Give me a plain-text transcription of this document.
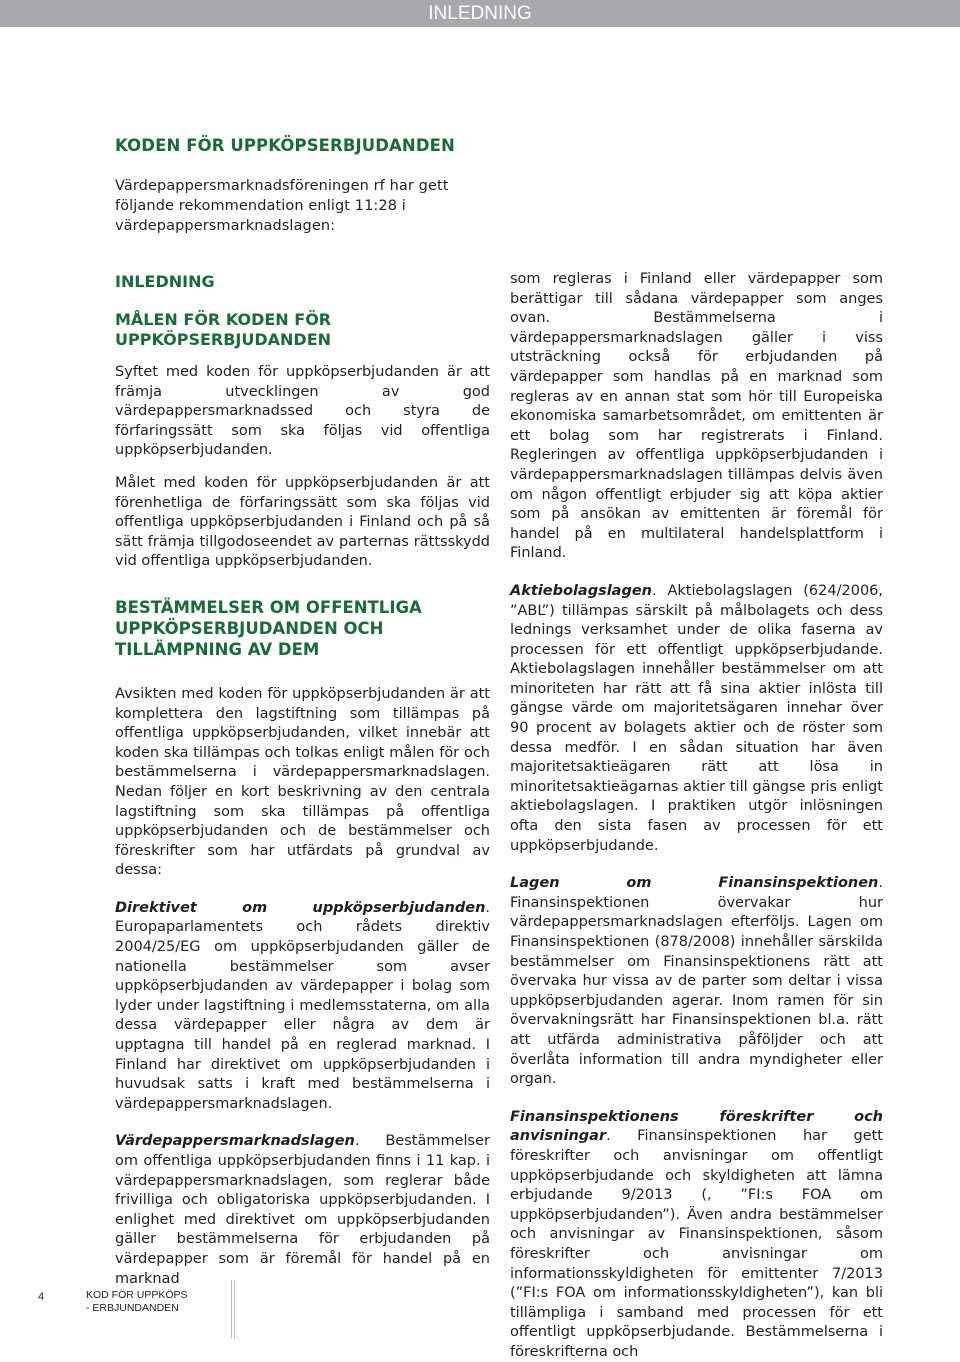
INLEDNING
KODEN FÖR UPPKÖPSERBJUDANDEN
Värdepappersmarknadsföreningen rf har gett följande rekommendation enligt 11:28 i värdepappersmarknadslagen:
INLEDNING
MÅLEN FÖR KODEN FÖR UPPKÖPSERBJUDANDEN

Syftet med koden för uppköpserbjudanden är att främja utvecklingen av god värdepappersmarknadssed och styra de förfaringssätt som ska följas vid offentliga uppköpserbjudanden.

Målet med koden för uppköpserbjudanden är att förenhetliga de förfaringssätt som ska följas vid offentliga uppköpserbjudanden i Finland och på så sätt främja tillgodoseendet av parternas rättsskydd vid offentliga uppköpserbjudanden.

BESTÄMMELSER OM OFFENTLIGA UPPKÖPSERBJUDANDEN OCH TILLÄMPNING AV DEM

Avsikten med koden för uppköpserbjudanden är att komplettera den lagstiftning som tillämpas på offentliga uppköpserbjudanden, vilket innebär att koden ska tillämpas och tolkas enligt målen för och bestämmelserna i värdepappersmarknadslagen. Nedan följer en kort beskrivning av den centrala lagstiftning som ska tillämpas på offentliga uppköpserbjudanden och de bestämmelser och föreskrifter som har utfärdats på grundval av dessa:

Direktivet om uppköpserbjudanden. Europaparlamentets och rådets direktiv 2004/25/EG om uppköpserbjudanden gäller de nationella bestämmelser som avser uppköpserbjudanden av värdepapper i bolag som lyder under lagstiftning i medlemsstaterna, om alla dessa värdepapper eller några av dem är upptagna till handel på en reglerad marknad. I Finland har direktivet om uppköpserbjudanden i huvudsak satts i kraft med bestämmelserna i värdepappersmarknadslagen.

Värdepappersmarknadslagen. Bestämmelser om offentliga uppköpserbjudanden finns i 11 kap. i värdepappersmarknadslagen, som reglerar både frivilliga och obligatoriska uppköpserbjudanden. I enlighet med direktivet om uppköpserbjudanden gäller bestämmelserna för erbjudanden på värdepapper som är föremål för handel på en marknad

som regleras i Finland eller värdepapper som berättigar till sådana värdepapper som anges ovan. Bestämmelserna i värdepappersmarknadslagen gäller i viss utsträckning också för erbjudanden på värdepapper som handlas på en marknad som regleras av en annan stat som hör till Europeiska ekonomiska samarbetsområdet, om emittenten är ett bolag som har registrerats i Finland. Regleringen av offentliga uppköpserbjudanden i värdepappersmarknadslagen tillämpas delvis även om någon offentligt erbjuder sig att köpa aktier som på ansökan av emittenten är föremål för handel på en multilateral handelsplattform i Finland.

Aktiebolagslagen. Aktiebolagslagen (624/2006, ”ABL”) tillämpas särskilt på målbolagets och dess lednings verksamhet under de olika faserna av processen för ett offentligt uppköpserbjudande. Aktiebolagslagen innehåller bestämmelser om att minoriteten har rätt att få sina aktier inlösta till gängse värde om majoritetsägaren innehar över 90 procent av bolagets aktier och de röster som dessa medför. I en sådan situation har även majoritetsaktieägaren rätt att lösa in minoritetsaktieägarnas aktier till gängse pris enligt aktiebolagslagen. I praktiken utgör inlösningen ofta den sista fasen av processen för ett uppköpserbjudande.

Lagen om Finansinspektionen. Finansinspektionen övervakar hur värdepappersmarknadslagen efterföljs. Lagen om Finansinspektionen (878/2008) innehåller särskilda bestämmelser om Finansinspektionens rätt att övervaka hur vissa av de parter som deltar i vissa uppköpserbjudanden agerar. Inom ramen för sin övervakningsrätt har Finansinspektionen bl.a. rätt att utfärda administrativa påföljder och att överlåta information till andra myndigheter eller organ.

Finansinspektionens föreskrifter och anvisningar. Finansinspektionen har gett föreskrifter och anvisningar om offentligt uppköpserbjudande och skyldigheten att lämna erbjudande 9/2013 (, ”FI:s FOA om uppköpserbjudanden”). Även andra bestämmelser och anvisningar av Finansinspektionen, såsom föreskrifter och anvisningar om informationsskyldigheten för emittenter 7/2013 (”FI:s FOA om informationsskyldigheten”), kan bli tillämpliga i samband med processen för ett offentligt uppköpserbjudande. Bestämmelserna i föreskrifterna och

4	KOD FÖR UPPKÖPS
- ERBJUNDANDEN
